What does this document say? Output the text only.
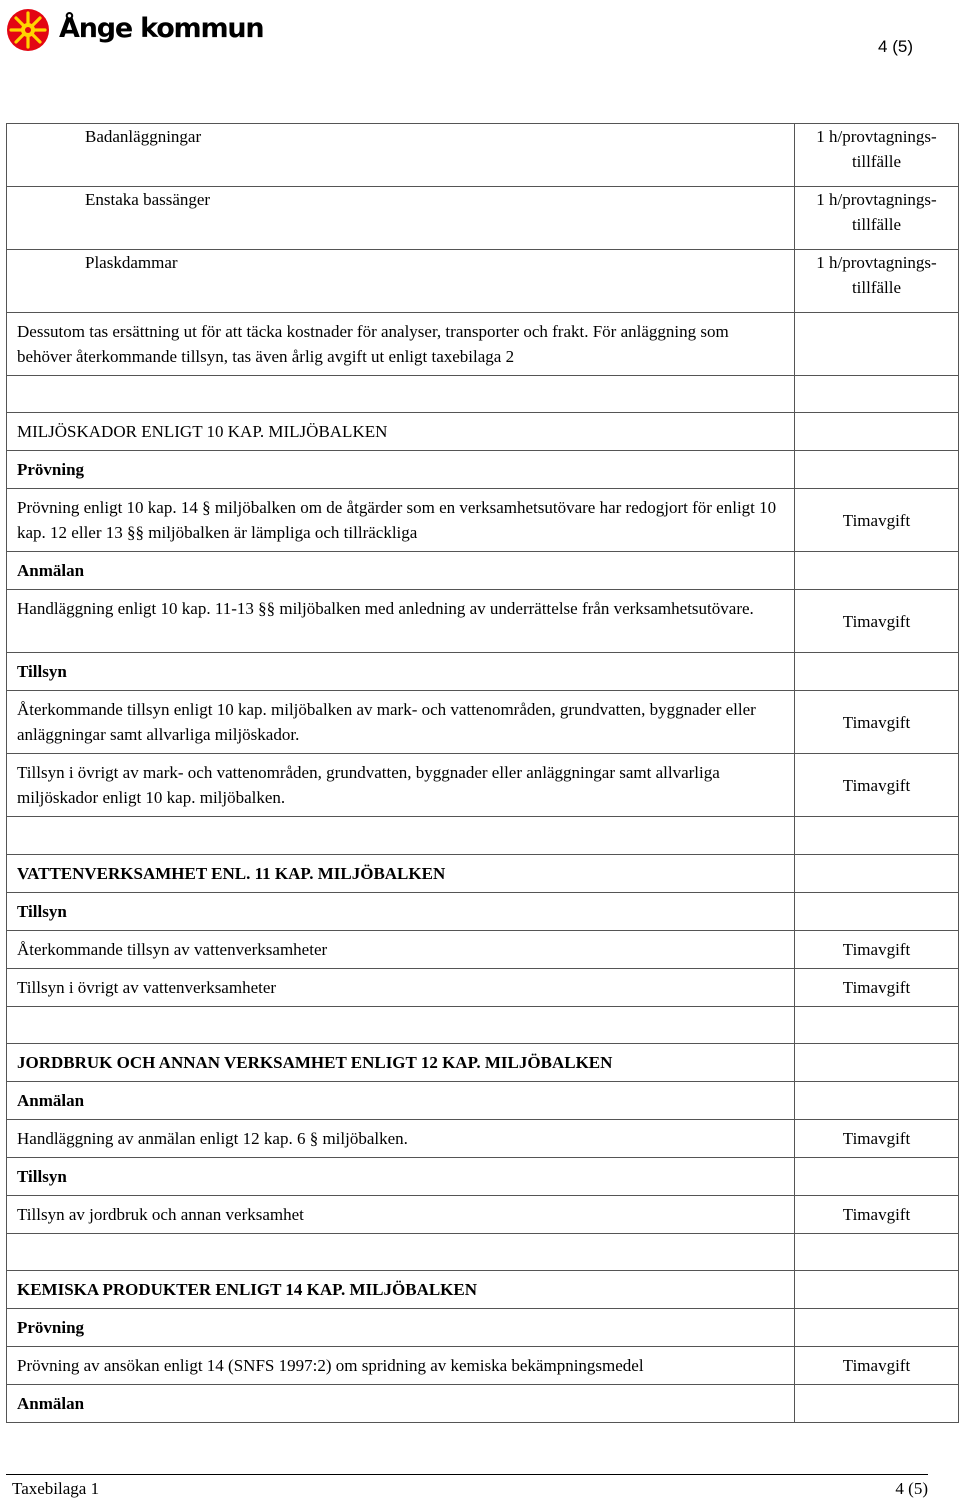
Ånge kommun
4 (5)
Badanläggningar	1 h/provtagnings-tillfälle

Enstaka bassänger	1 h/provtagnings-tillfälle

Plaskdammar	1 h/provtagnings-tillfälle
Dessutom tas ersättning ut för att täcka kostnader för analyser, transporter och frakt. För anläggning som behöver återkommande tillsyn, tas även årlig avgift ut enligt taxebilaga 2	

MILJÖSKADOR ENLIGT 10 KAP. MILJÖBALKEN	
Prövning	
Prövning enligt 10 kap. 14 § miljöbalken om de åtgärder som en verksamhetsutövare har redogjort för enligt 10 kap. 12 eller 13 §§ miljöbalken är lämpliga och tillräckliga	Timavgift
Anmälan	
Handläggning enligt 10 kap. 11-13 §§ miljöbalken med anledning av underrättelse från verksamhetsutövare.	Timavgift
Tillsyn	
Återkommande tillsyn enligt 10 kap. miljöbalken av mark- och vattenområden, grundvatten, byggnader eller anläggningar samt allvarliga miljöskador.	Timavgift
Tillsyn i övrigt av mark- och vattenområden, grundvatten, byggnader eller anläggningar samt allvarliga miljöskador enligt 10 kap. miljöbalken.	Timavgift

VATTENVERKSAMHET ENL. 11 KAP. MILJÖBALKEN	
Tillsyn	
Återkommande tillsyn av vattenverksamheter	Timavgift
Tillsyn i övrigt av vattenverksamheter	Timavgift

JORDBRUK OCH ANNAN VERKSAMHET ENLIGT 12 KAP. MILJÖBALKEN	
Anmälan	
Handläggning av anmälan enligt 12 kap. 6 § miljöbalken.	Timavgift
Tillsyn	
Tillsyn av jordbruk och annan verksamhet	Timavgift

KEMISKA PRODUKTER ENLIGT 14 KAP. MILJÖBALKEN	
Prövning	
Prövning av ansökan enligt 14 (SNFS 1997:2) om spridning av kemiska bekämpningsmedel	Timavgift
Anmälan	
Taxebilaga 1	4 (5)
